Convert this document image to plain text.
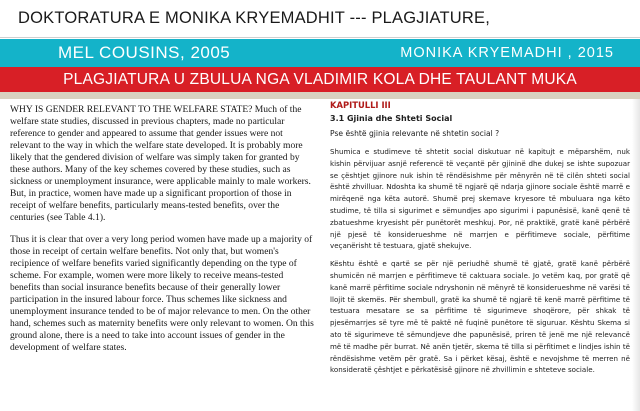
DOKTORATURA E MONIKA KRYEMADHIT --- PLAGJIATURE,
MEL COUSINS, 2005	MONIKA KRYEMADHI , 2015
PLAGJIATURA U ZBULUA NGA VLADIMIR KOLA DHE TAULANT MUKA

WHY IS GENDER RELEVANT TO THE WELFARE STATE? Much of the welfare state studies, discussed in previous chapters, made no particular reference to gender and appeared to assume that gender issues were not relevant to the way in which the welfare state developed. It is probably more likely that the gendered division of welfare was simply taken for granted by these authors. Many of the key schemes covered by these studies, such as sickness or unemployment insurance, were applicable mainly to male workers. But, in practice, women have made up a significant proportion of those in receipt of welfare benefits, particularly means-tested benefits, over the centuries (see Table 4.1).

Thus it is clear that over a very long period women have made up a majority of those in receipt of certain welfare benefits. Not only that, but women's recipience of welfare benefits varied significantly depending on the type of scheme. For example, women were more likely to receive means-tested benefits than social insurance benefits because of their generally lower participation in the insured labour force. Thus schemes like sickness and unemployment insurance tended to be of major relevance to men. On the other hand, schemes such as maternity benefits were only relevant to women. On this ground alone, there is a need to take into account issues of gender in the development of welfare states.

KAPITULLI III
3.1 Gjinia dhe Shteti Social
Pse është gjinia relevante në shtetin social ?

Shumica e studimeve të shtetit social diskutuar në kapitujt e mëparshëm, nuk kishin përvijuar asnjë referencë të veçantë për gjininë dhe dukej se ishte supozuar se çështjet gjinore nuk ishin të rëndësishme për mënyrën në të cilën shteti social është zhvilluar. Ndoshta ka shumë të ngjarë që ndarja gjinore sociale është marrë e mirëqenë nga këta autorë. Shumë prej skemave kryesore të mbuluara nga këto studime, të tilla si sigurimet e sëmundjes apo sigurimi i papunësisë, kanë qenë të zbatueshme kryesisht për punëtorët meshkuj. Por, në praktikë, gratë kanë përbërë një pjesë të konsiderueshme në marrjen e përfitimeve sociale, përfitime veçanërisht të testuara, gjatë shekujve.

Kështu është e qartë se për një periudhë shumë të gjatë, gratë kanë përbërë shumicën në marrjen e përfitimeve të caktuara sociale. Jo vetëm kaq, por gratë që kanë marrë përfitime sociale ndryshonin në mënyrë të konsiderueshme në varësi të llojit të skemës. Për shembull, gratë ka shumë të ngjarë të kenë marrë përfitime të testuara mesatare se sa përfitime të sigurimeve shoqërore, për shkak të pjesëmarrjes së tyre më të paktë në fuqinë punëtore të siguruar. Kështu Skema si ato të sigurimeve të sëmundjeve dhe papunësisë, priren të jenë me një relevancë më të madhe për burrat. Në anën tjetër, skema të tilla si përfitimet e lindjes ishin të rëndësishme vetëm për gratë. Sa i përket kësaj, është e nevojshme të merren në konsideratë çështjet e përkatësisë gjinore në zhvillimin e shteteve sociale.
